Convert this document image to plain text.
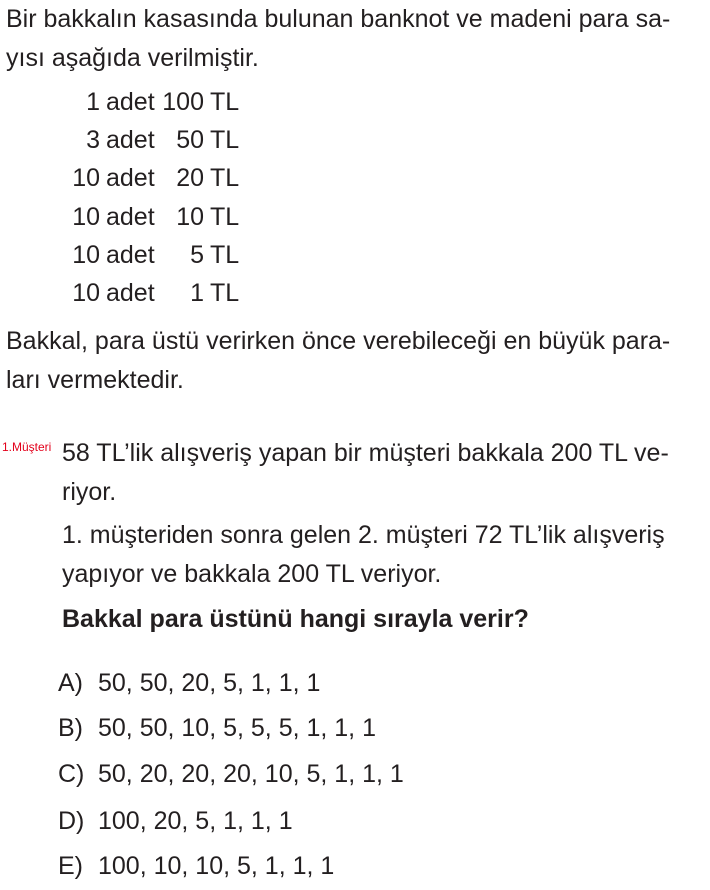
Bir bakkalın kasasında bulunan banknot ve madeni para sa-
yısı aşağıda verilmiştir.
1 adet 100 TL
3 adet 50 TL
10 adet 20 TL
10 adet 10 TL
10 adet	5 TL
10 adet	1 TL
Bakkal, para üstü verirken önce verebileceği en büyük para-
ları vermektedir.
1.Müşteri 58 TL’lik alışveriş yapan bir müşteri bakkala 200 TL ve-
riyor.
1. müşteriden sonra gelen 2. müşteri 72 TL’lik alışveriş
yapıyor ve bakkala 200 TL veriyor.
Bakkal para üstünü hangi sırayla verir?
A) 50, 50, 20, 5, 1, 1, 1
B) 50, 50, 10, 5, 5, 5, 1, 1, 1
C) 50, 20, 20, 20, 10, 5, 1, 1, 1
D) 100, 20, 5, 1, 1, 1
E) 100, 10, 10, 5, 1, 1, 1
